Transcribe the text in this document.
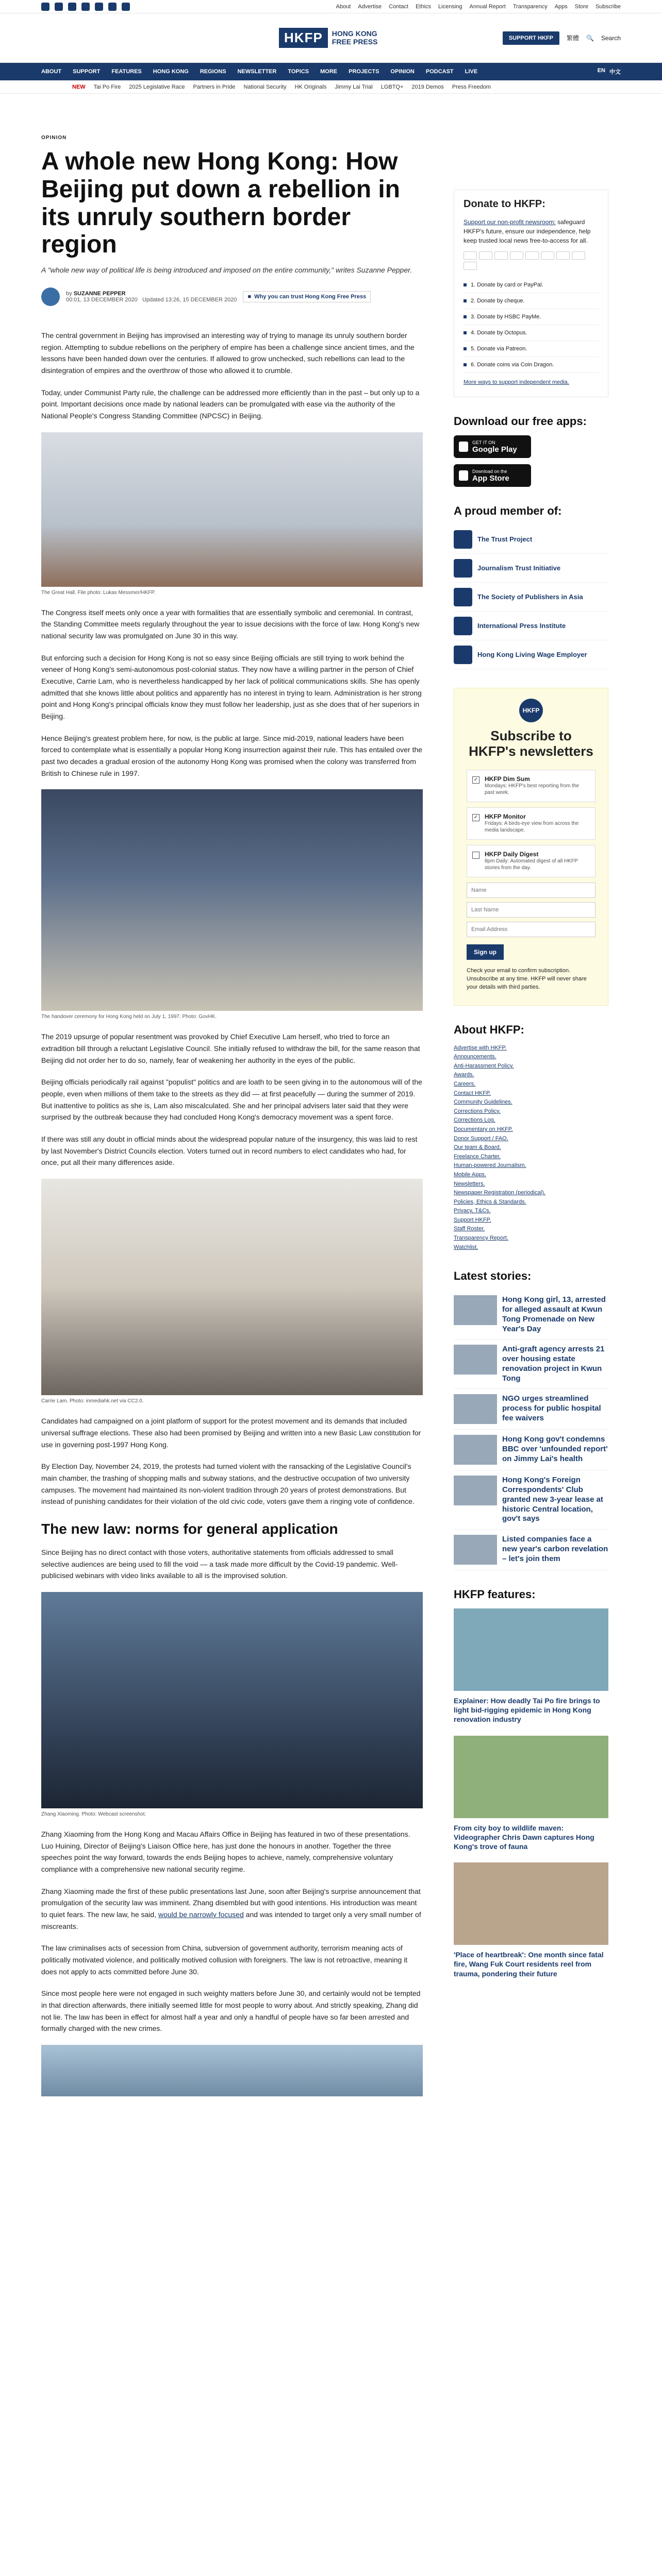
About Advertise Contact Ethics Licensing Annual Report Transparency Apps Store Subscribe
HKFP	HONG KONG FREE PRESS	SUPPORT HKFP	繁體 🔍 Search
ABOUT SUPPORT FEATURES HONG KONG REGIONS NEWSLETTER TOPICS MORE PROJECTS OPINION PODCAST LIVE	EN 中文
NEW Tai Po Fire 2025 Legislative Race Partners in Pride National Security HK Originals Jimmy Lai Trial LGBTQ+ 2019 Demos Press Freedom
OPINION
A whole new Hong Kong: How Beijing put down a rebellion in its unruly southern border region
A "whole new way of political life is being introduced and imposed on the entire community," writes Suzanne Pepper.
by SUZANNE PEPPER
00:01, 13 DECEMBER 2020 Updated 13:26, 15 DECEMBER 2020 ■ Why you can trust Hong Kong Free Press

The central government in Beijing has improvised an interesting way of trying to manage its unruly southern border region. Attempting to subdue rebellions on the periphery of empire has been a challenge since ancient times, and the lessons have been handed down over the centuries. If allowed to grow unchecked, such rebellions can lead to the disintegration of empires and the overthrow of those who allowed it to crumble.

Today, under Communist Party rule, the challenge can be addressed more efficiently than in the past – but only up to a point. Important decisions once made by national leaders can be promulgated with ease via the authority of the National People's Congress Standing Committee (NPCSC) in Beijing.

The Great Hall. File photo: Lukas Messmer/HKFP.

The Congress itself meets only once a year with formalities that are essentially symbolic and ceremonial. In contrast, the Standing Committee meets regularly throughout the year to issue decisions with the force of law. Hong Kong's new national security law was promulgated on June 30 in this way.

But enforcing such a decision for Hong Kong is not so easy since Beijing officials are still trying to work behind the veneer of Hong Kong's semi-autonomous post-colonial status. They now have a willing partner in the person of Chief Executive, Carrie Lam, who is nevertheless handicapped by her lack of political communications skills. She has openly admitted that she knows little about politics and apparently has no interest in trying to learn. Administration is her strong point and Hong Kong's principal officials know they must follow her leadership, just as she does that of her superiors in Beijing.

Hence Beijing's greatest problem here, for now, is the public at large. Since mid-2019, national leaders have been forced to contemplate what is essentially a popular Hong Kong insurrection against their rule. This has entailed over the past two decades a gradual erosion of the autonomy Hong Kong was promised when the colony was transferred from British to Chinese rule in 1997.

The handover ceremony for Hong Kong held on July 1, 1997. Photo: GovHK.

The 2019 upsurge of popular resentment was provoked by Chief Executive Lam herself, who tried to force an extradition bill through a reluctant Legislative Council. She initially refused to withdraw the bill, for the same reason that Beijing did not order her to do so, namely, fear of weakening her authority in the eyes of the public.

Beijing officials periodically rail against "populist" politics and are loath to be seen giving in to the autonomous will of the people, even when millions of them take to the streets as they did — at first peacefully — during the summer of 2019. But inattentive to politics as she is, Lam also miscalculated. She and her principal advisers later said that they were surprised by the outbreak because they had concluded Hong Kong's democracy movement was a spent force.

If there was still any doubt in official minds about the widespread popular nature of the insurgency, this was laid to rest by last November's District Councils election. Voters turned out in record numbers to elect candidates who had, for once, put all their many differences aside.

Carrie Lam. Photo: inmediahk.net via CC2.0.

Candidates had campaigned on a joint platform of support for the protest movement and its demands that included universal suffrage elections. These also had been promised by Beijing and written into a new Basic Law constitution for use in governing post-1997 Hong Kong.

By Election Day, November 24, 2019, the protests had turned violent with the ransacking of the Legislative Council's main chamber, the trashing of shopping malls and subway stations, and the destructive occupation of two university campuses. The movement had maintained its non-violent tradition through 20 years of protest demonstrations. But instead of punishing candidates for their violation of the old civic code, voters gave them a ringing vote of confidence.

The new law: norms for general application

Since Beijing has no direct contact with those voters, authoritative statements from officials addressed to small selective audiences are being used to fill the void — a task made more difficult by the Covid-19 pandemic. Well-publicised webinars with video links available to all is the improvised solution.

Zhang Xiaoming. Photo: Webcast screenshot.

Zhang Xiaoming from the Hong Kong and Macau Affairs Office in Beijing has featured in two of these presentations. Luo Huining, Director of Beijing's Liaison Office here, has just done the honours in another. Together the three speeches point the way forward, towards the ends Beijing hopes to achieve, namely, comprehensive voluntary compliance with a comprehensive new national security regime.

Zhang Xiaoming made the first of these public presentations last June, soon after Beijing's surprise announcement that promulgation of the security law was imminent. Zhang disembled but with good intentions. His introduction was meant to quiet fears. The new law, he said, would be narrowly focused and was intended to target only a very small number of miscreants.

The law criminalises acts of secession from China, subversion of government authority, terrorism meaning acts of politically motivated violence, and politically motived collusion with foreigners. The law is not retroactive, meaning it does not apply to acts committed before June 30.

Since most people here were not engaged in such weighty matters before June 30, and certainly would not be tempted in that direction afterwards, there initially seemed little for most people to worry about. And strictly speaking, Zhang did not lie. The law has been in effect for almost half a year and only a handful of people have so far been arrested and formally charged with the new crimes.

Donate to HKFP:
Support our non-profit newsroom: safeguard HKFP's future, ensure our independence, help keep trusted local news free-to-access for all.
1. Donate by card or PayPal.
2. Donate by cheque.
3. Donate by HSBC PayMe.
4. Donate by Octopus.
5. Donate via Patreon.
6. Donate coins via Coin Dragon.
More ways to support independent media.
Download our free apps:
GET IT ON
Google Play
Download on the
App Store
A proud member of:
The Trust Project
Journalism Trust Initiative
The Society of Publishers in Asia
International Press Institute
Hong Kong Living Wage Employer
HKFP
Subscribe to HKFP's newsletters
✓ HKFP Dim Sum
Mondays: HKFP's best reporting from the past week.
✓ HKFP Monitor
Fridays: A birds-eye view from across the media landscape.
HKFP Daily Digest
8pm Daily: Automated digest of all HKFP stories from the day.
Name Last Name Email Address Sign up
Check your email to confirm subscription. Unsubscribe at any time. HKFP will never share your details with third parties.
About HKFP:
Advertise with HKFP.
Announcements.
Anti-Harassment Policy.
Awards.
Careers.
Contact HKFP.
Community Guidelines.
Corrections Policy.
Corrections Log.
Documentary on HKFP.
Donor Support / FAQ.
Our team & Board.
Freelance Charter.
Human-powered Journalism.
Mobile Apps.
Newsletters.
Newspaper Registration (periodical).
Policies, Ethics & Standards.
Privacy, T&Cs.
Support HKFP.
Staff Roster.
Transparency Report.
Watchlist.
Latest stories:
Hong Kong girl, 13, arrested for alleged assault at Kwun Tong Promenade on New Year's Day
Anti-graft agency arrests 21 over housing estate renovation project in Kwun Tong
NGO urges streamlined process for public hospital fee waivers
Hong Kong gov't condemns BBC over 'unfounded report' on Jimmy Lai's health
Hong Kong's Foreign Correspondents' Club granted new 3-year lease at historic Central location, gov't says
Listed companies face a new year's carbon revelation – let's join them
HKFP features:
Explainer: How deadly Tai Po fire brings to light bid-rigging epidemic in Hong Kong renovation industry
From city boy to wildlife maven: Videographer Chris Dawn captures Hong Kong's trove of fauna
'Place of heartbreak': One month since fatal fire, Wang Fuk Court residents reel from trauma, pondering their future
